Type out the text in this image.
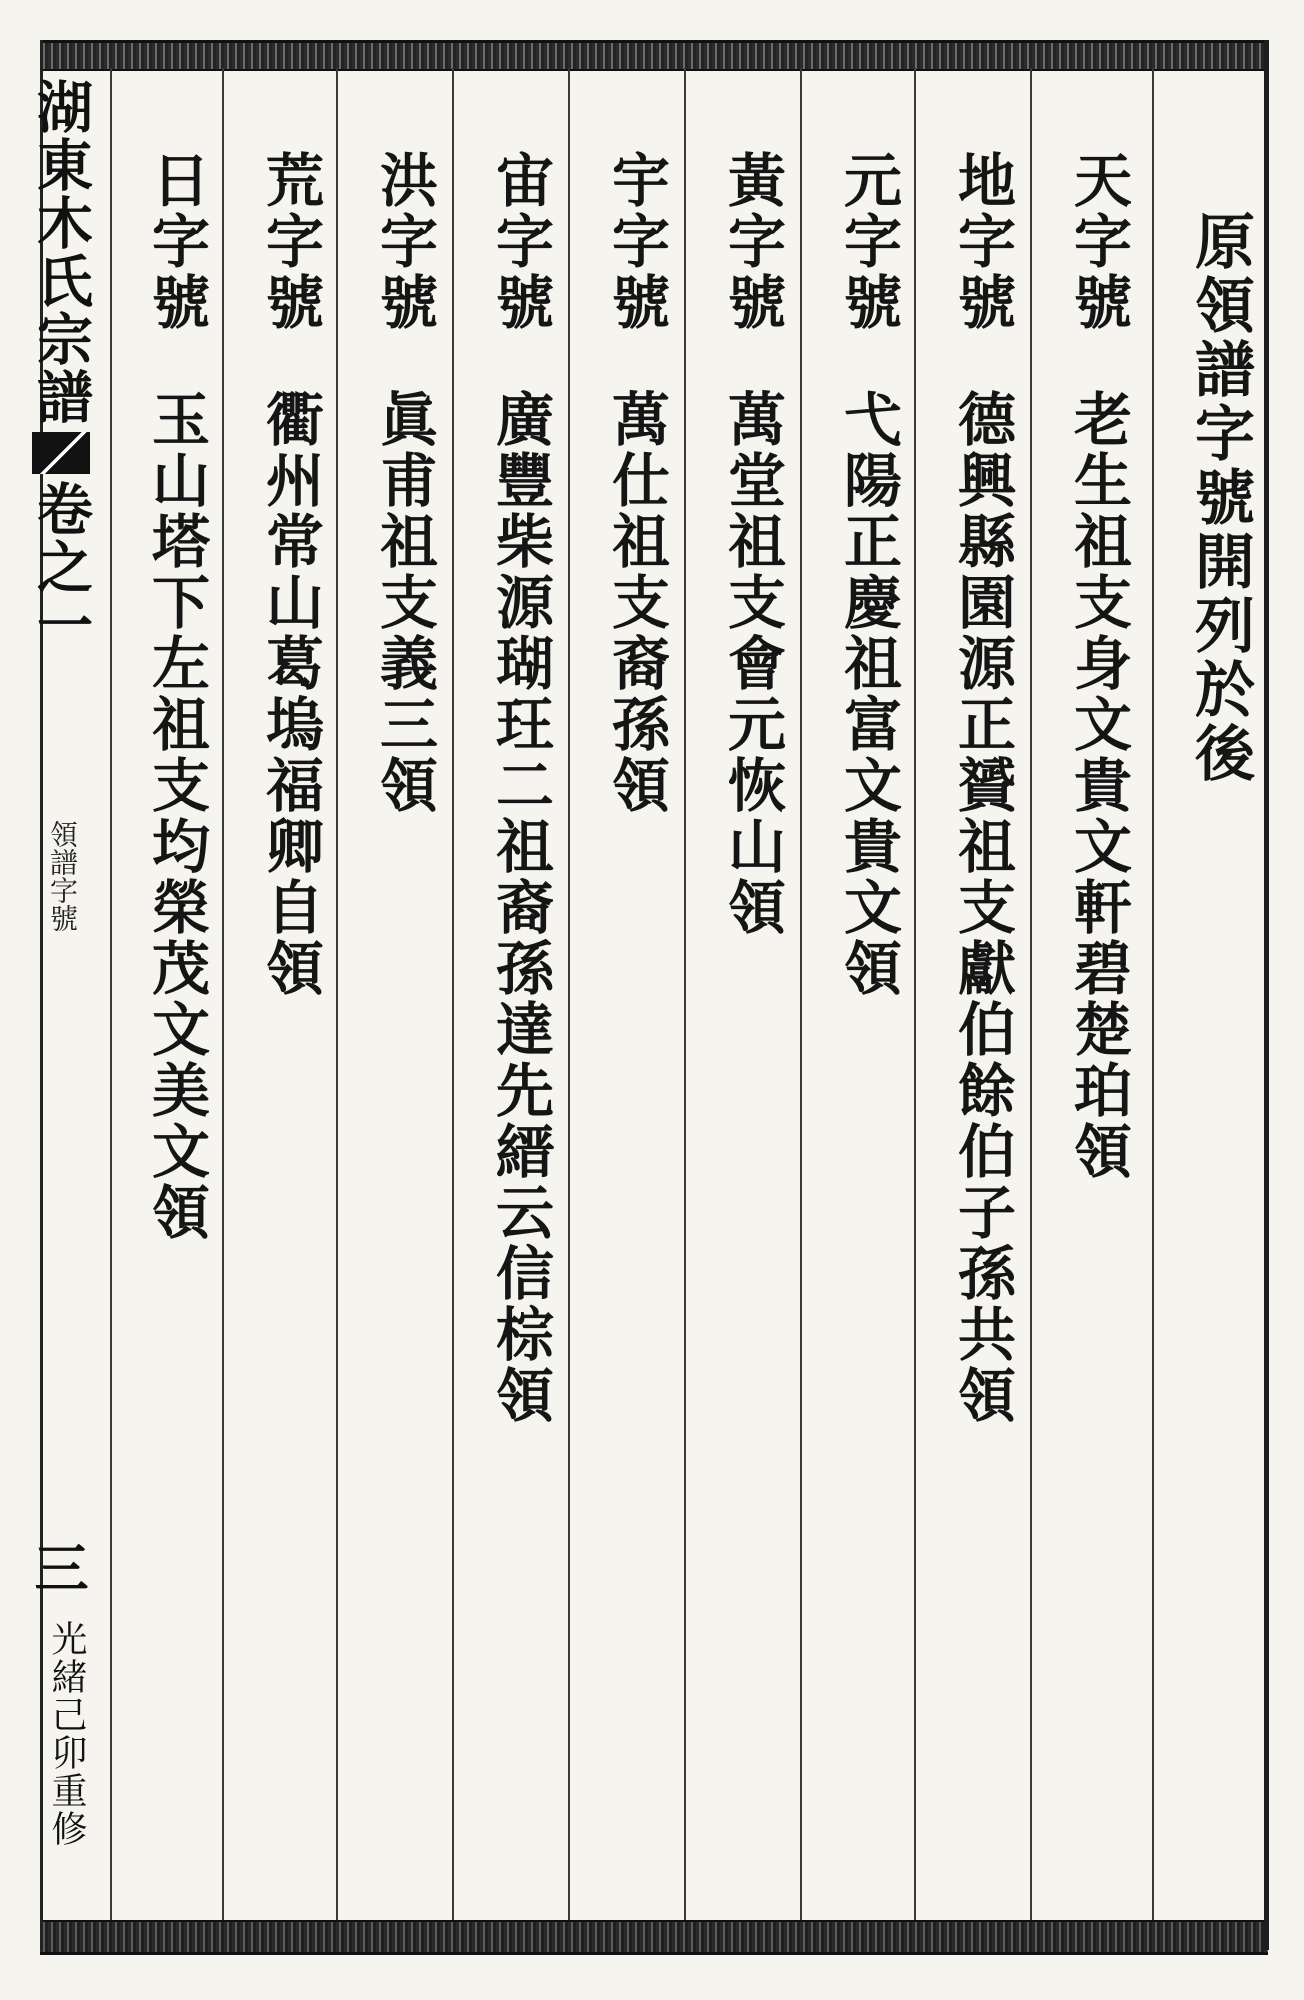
湖東木氏宗譜卷之一
領譜字號
三
光緒己卯重修
原領譜字號開列於後
天字號老生祖支身文貴文軒碧楚珀領
地字號德興縣園源正贇祖支獻伯餘伯子孫共領
元字號弋陽正慶祖富文貴文領
黃字號萬堂祖支會元恢山領
宇字號萬仕祖支裔孫領
宙字號廣豐柴源瑚玨二祖裔孫達先縉云信棕領
洪字號眞甫祖支義三領
荒字號衢州常山葛塢福卿自領
日字號玉山塔下左祖支均榮茂文美文領
